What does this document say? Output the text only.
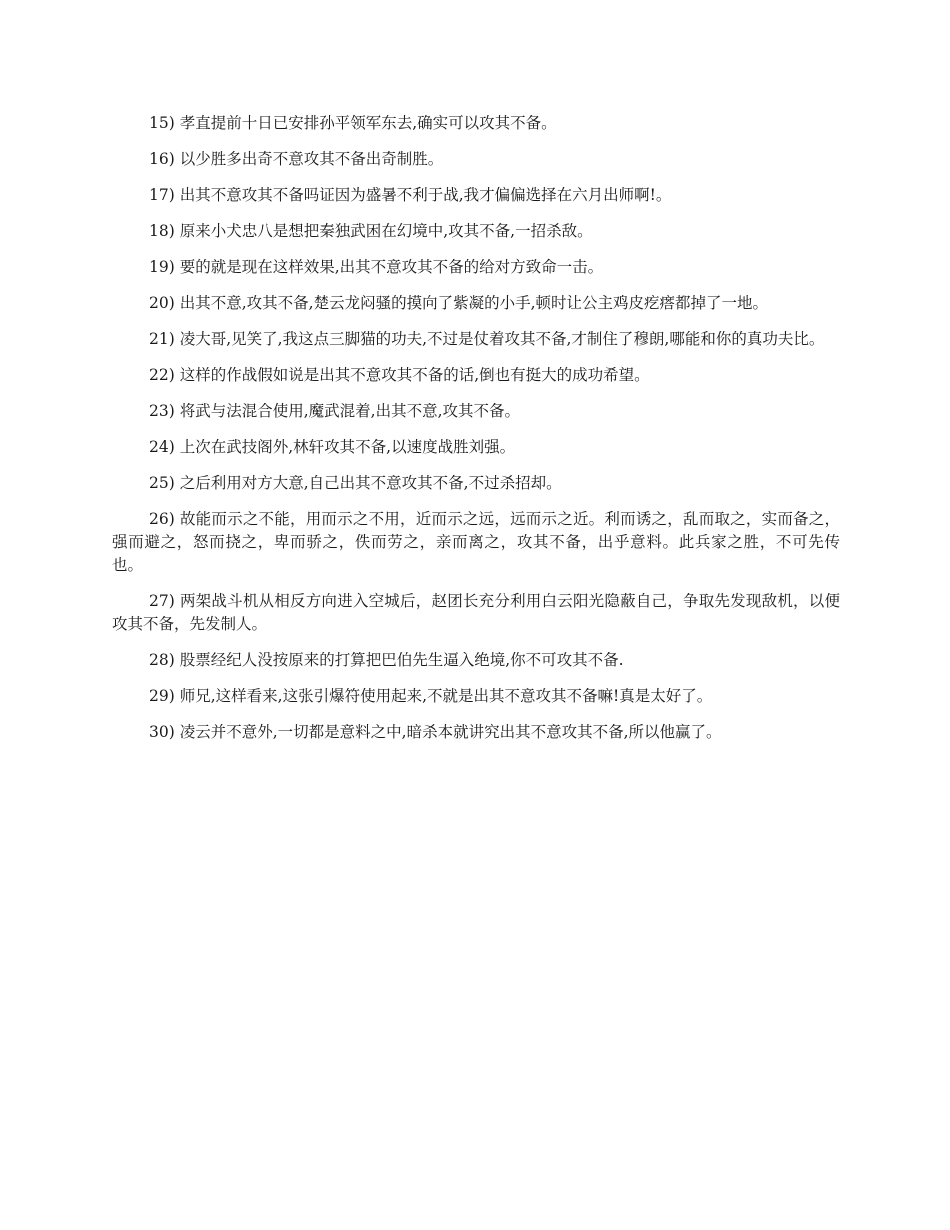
15) 孝直提前十日已安排孙平领军东去,确实可以攻其不备。

16) 以少胜多出奇不意攻其不备出奇制胜。

17) 出其不意攻其不备吗证因为盛暑不利于战,我才偏偏选择在六月出师啊!。

18) 原来小犬忠八是想把秦独武困在幻境中,攻其不备,一招杀敌。

19) 要的就是现在这样效果,出其不意攻其不备的给对方致命一击。

20) 出其不意,攻其不备,楚云龙闷骚的摸向了紫凝的小手,顿时让公主鸡皮疙瘩都掉了一地。

21) 凌大哥,见笑了,我这点三脚猫的功夫,不过是仗着攻其不备,才制住了穆朗,哪能和你的真功夫比。

22) 这样的作战假如说是出其不意攻其不备的话,倒也有挺大的成功希望。

23) 将武与法混合使用,魔武混着,出其不意,攻其不备。

24) 上次在武技阁外,林轩攻其不备,以速度战胜刘强。

25) 之后利用对方大意,自己出其不意攻其不备,不过杀招却。

26) 故能而示之不能，用而示之不用，近而示之远，远而示之近。利而诱之，乱而取之，实而备之，强而避之，怒而挠之，卑而骄之，佚而劳之，亲而离之，攻其不备，出乎意料。此兵家之胜，不可先传也。

27) 两架战斗机从相反方向进入空城后，赵团长充分利用白云阳光隐蔽自己，争取先发现敌机，以便攻其不备，先发制人。

28) 股票经纪人没按原来的打算把巴伯先生逼入绝境,你不可攻其不备.

29) 师兄,这样看来,这张引爆符使用起来,不就是出其不意攻其不备嘛!真是太好了。

30) 凌云并不意外,一切都是意料之中,暗杀本就讲究出其不意攻其不备,所以他赢了。
